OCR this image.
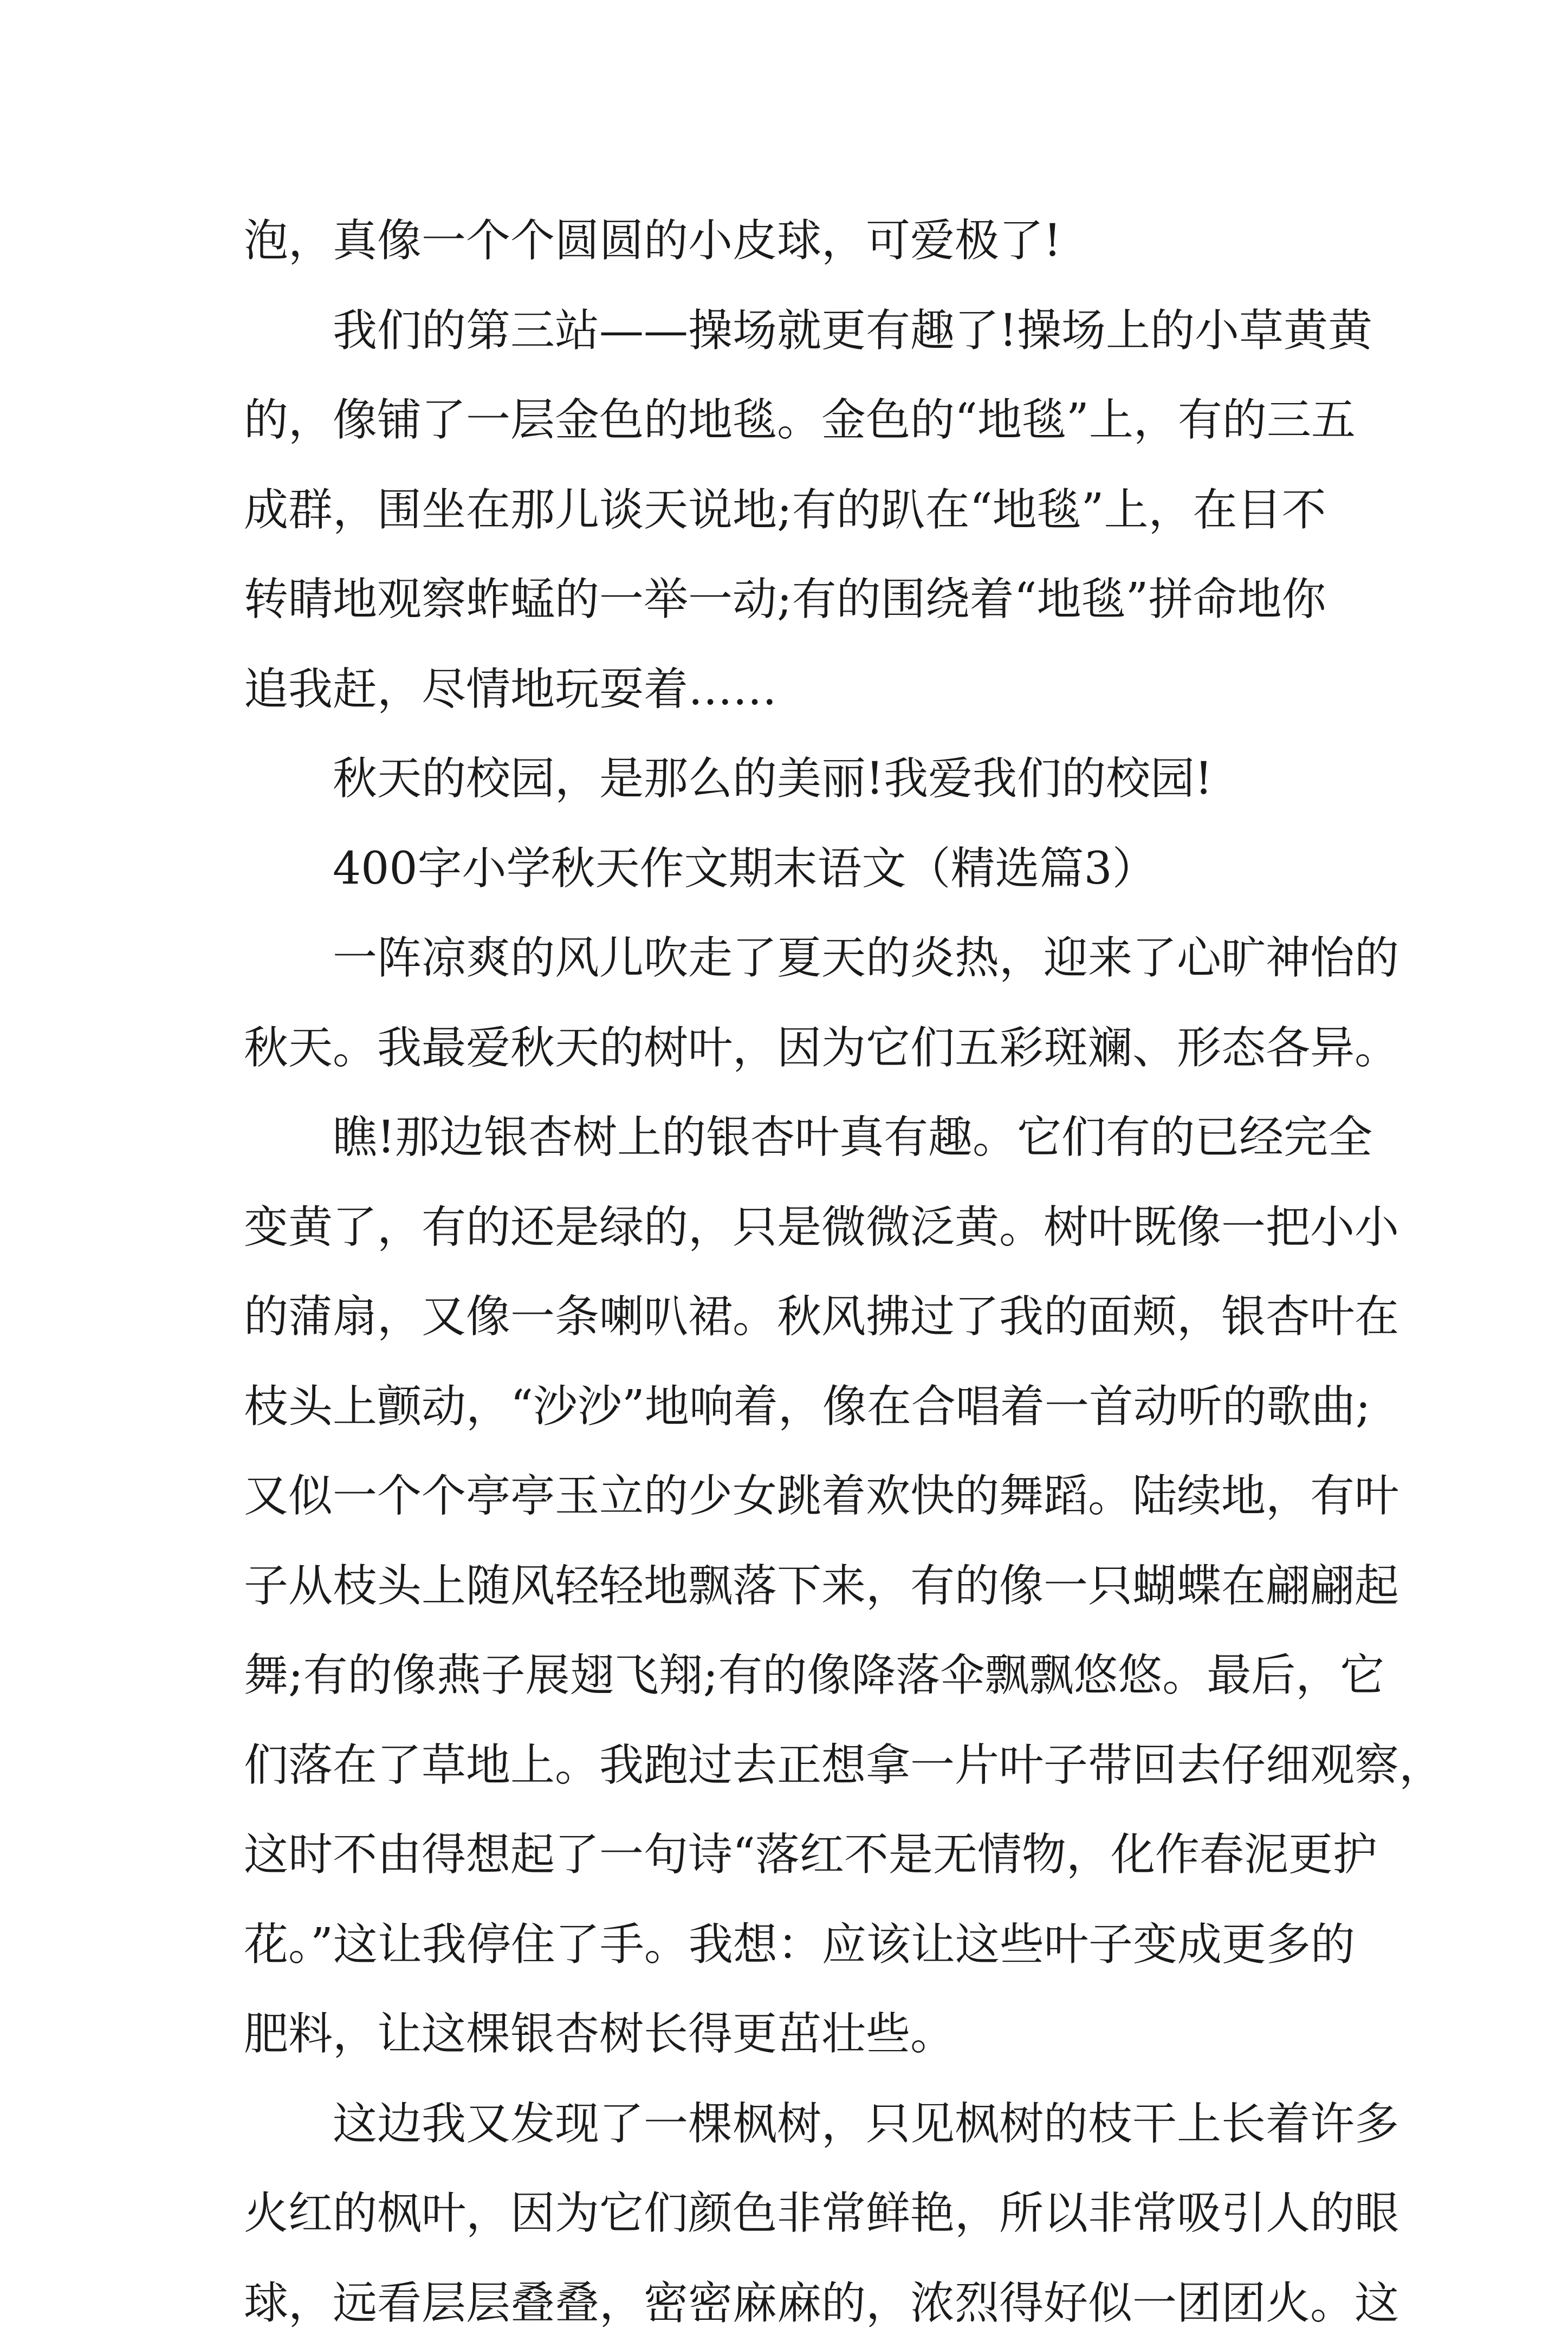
泡，真像一个个圆圆的小皮球，可爱极了!
我们的第三站——操场就更有趣了!操场上的小草黄黄
的，像铺了一层金色的地毯。金色的“地毯”上，有的三五
成群，围坐在那儿谈天说地;有的趴在“地毯”上，在目不
转睛地观察蚱蜢的一举一动;有的围绕着“地毯”拼命地你
追我赶，尽情地玩耍着……
秋天的校园，是那么的美丽!我爱我们的校园!
400字小学秋天作文期末语文（精选篇3）
一阵凉爽的风儿吹走了夏天的炎热，迎来了心旷神怡的
秋天。我最爱秋天的树叶，因为它们五彩斑斓、形态各异。
瞧!那边银杏树上的银杏叶真有趣。它们有的已经完全
变黄了，有的还是绿的，只是微微泛黄。树叶既像一把小小
的蒲扇，又像一条喇叭裙。秋风拂过了我的面颊，银杏叶在
枝头上颤动，“沙沙”地响着，像在合唱着一首动听的歌曲;
又似一个个亭亭玉立的少女跳着欢快的舞蹈。陆续地，有叶
子从枝头上随风轻轻地飘落下来，有的像一只蝴蝶在翩翩起
舞;有的像燕子展翅飞翔;有的像降落伞飘飘悠悠。最后，它
们落在了草地上。我跑过去正想拿一片叶子带回去仔细观察，
这时不由得想起了一句诗“落红不是无情物，化作春泥更护
花。”这让我停住了手。我想：应该让这些叶子变成更多的
肥料，让这棵银杏树长得更茁壮些。
这边我又发现了一棵枫树，只见枫树的枝干上长着许多
火红的枫叶，因为它们颜色非常鲜艳，所以非常吸引人的眼
球，远看层层叠叠，密密麻麻的，浓烈得好似一团团火。这
